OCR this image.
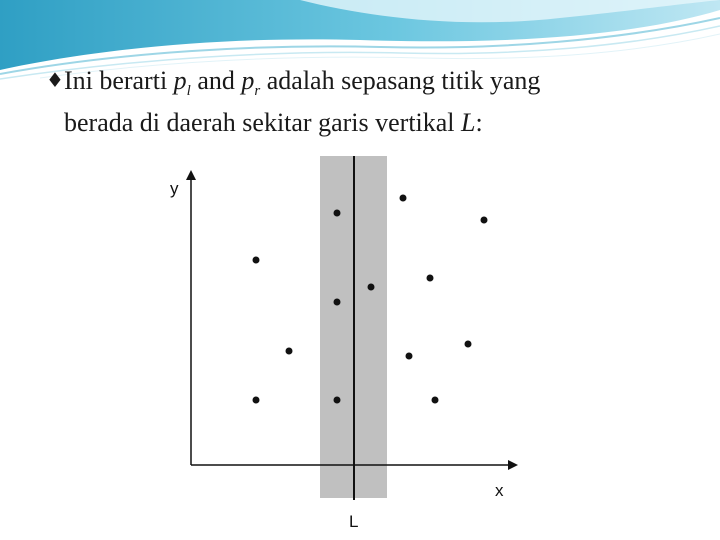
♦Ini berarti $p_l$ and $p_r$ adalah sepasang titik yang
berada di daerah sekitar garis vertikal L:
y
x
L
